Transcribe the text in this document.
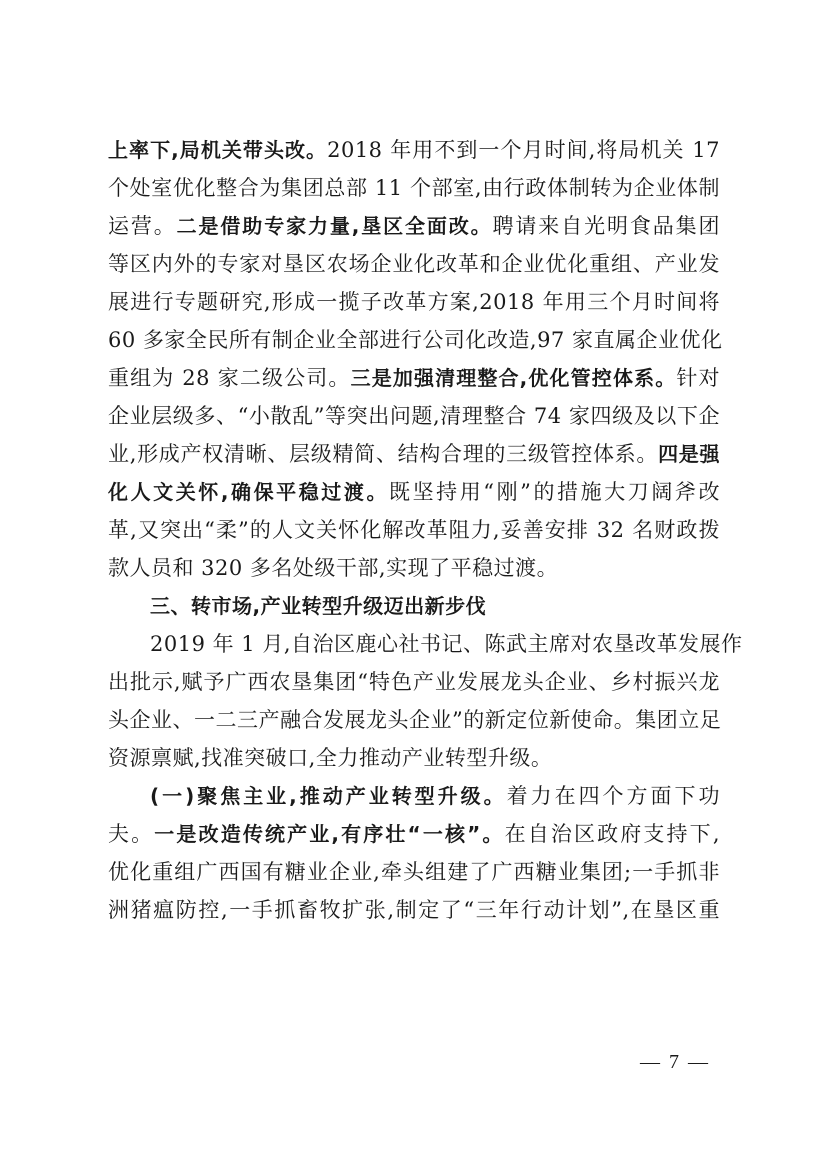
上率下,局机关带头改。2018 年用不到一个月时间,将局机关 17
个处室优化整合为集团总部 11 个部室,由行政体制转为企业体制
运营。二是借助专家力量,垦区全面改。聘请来自光明食品集团
等区内外的专家对垦区农场企业化改革和企业优化重组、产业发
展进行专题研究,形成一揽子改革方案,2018 年用三个月时间将
60 多家全民所有制企业全部进行公司化改造,97 家直属企业优化
重组为 28 家二级公司。三是加强清理整合,优化管控体系。针对
企业层级多、“小散乱”等突出问题,清理整合 74 家四级及以下企
业,形成产权清晰、层级精简、结构合理的三级管控体系。四是强
化人文关怀,确保平稳过渡。既坚持用“刚”的措施大刀阔斧改
革,又突出“柔”的人文关怀化解改革阻力,妥善安排 32 名财政拨
款人员和 320 多名处级干部,实现了平稳过渡。
三、转市场,产业转型升级迈出新步伐
2019 年 1 月,自治区鹿心社书记、陈武主席对农垦改革发展作
出批示,赋予广西农垦集团“特色产业发展龙头企业、乡村振兴龙
头企业、一二三产融合发展龙头企业”的新定位新使命。集团立足
资源禀赋,找准突破口,全力推动产业转型升级。
(一)聚焦主业,推动产业转型升级。着力在四个方面下功
夫。一是改造传统产业,有序壮“一核”。在自治区政府支持下,
优化重组广西国有糖业企业,牵头组建了广西糖业集团;一手抓非
洲猪瘟防控,一手抓畜牧扩张,制定了“三年行动计划”,在垦区重
— 7 —
